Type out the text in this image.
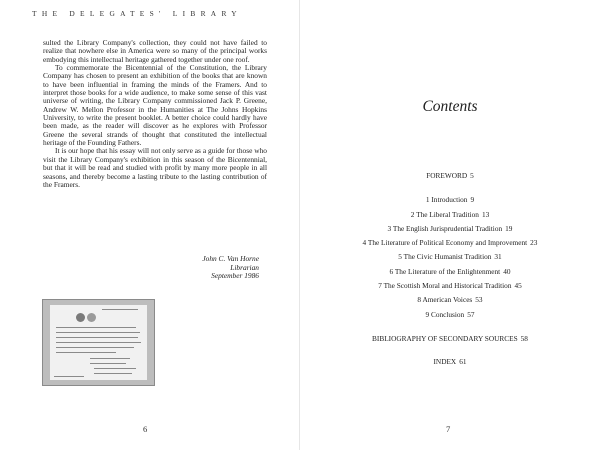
THE DELEGATES' LIBRARY

sulted the Library Company's collection, they could not have failed to realize that nowhere else in America were so many of the principal works embodying this intellectual heritage gathered together under one roof.

To commemorate the Bicentennial of the Constitution, the Library Company has chosen to present an exhibition of the books that are known to have been influential in framing the minds of the Framers. And to interpret those books for a wide audience, to make some sense of this vast universe of writing, the Library Company commissioned Jack P. Greene, Andrew W. Mellon Professor in the Humanities at The Johns Hopkins University, to write the present booklet. A better choice could hardly have been made, as the reader will discover as he explores with Professor Greene the several strands of thought that constituted the intellectual heritage of the Founding Fathers.

It is our hope that his essay will not only serve as a guide for those who visit the Library Company's exhibition in this season of the Bicentennial, but that it will be read and studied with profit by many more people in all seasons, and thereby become a lasting tribute to the lasting contribution of the Framers.

John C. Van Horne
Librarian
September 1986
6
Contents
FOREWORD 5
1 Introduction 9
2 The Liberal Tradition 13
3 The English Jurisprudential Tradition 19
4 The Literature of Political Economy and Improvement 23
5 The Civic Humanist Tradition 31
6 The Literature of the Enlightenment 40
7 The Scottish Moral and Historical Tradition 45
8 American Voices 53
9 Conclusion 57
BIBLIOGRAPHY OF SECONDARY SOURCES 58
INDEX 61
7
